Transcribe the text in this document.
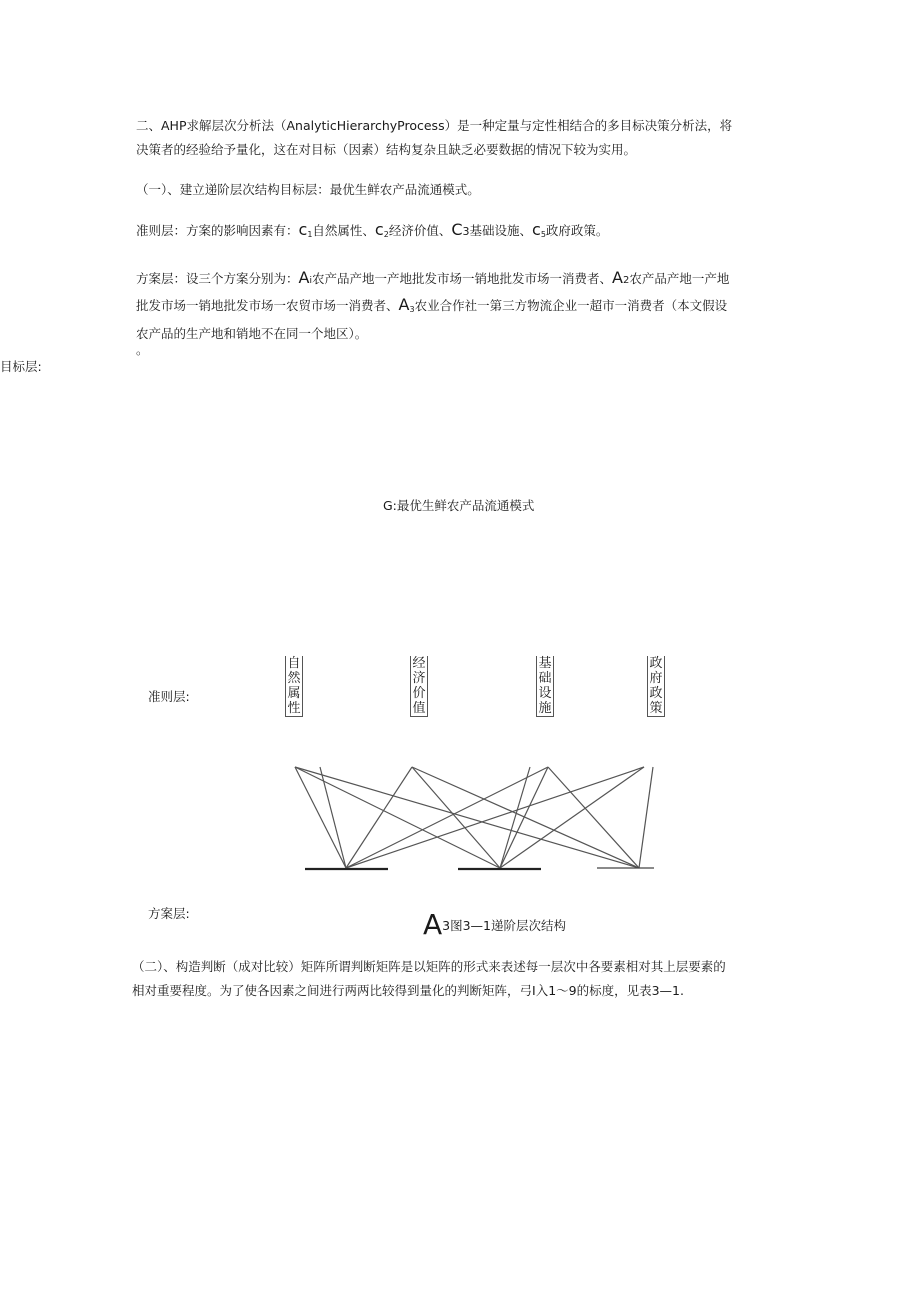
二、AHP求解层次分析法（AnalyticHierarchyProcess）是一种定量与定性相结合的多目标决策分析法，将
决策者的经验给予量化，这在对目标（因素）结构复杂且缺乏必要数据的情况下较为实用。
（一）、建立递阶层次结构目标层：最优生鲜农产品流通模式。
准则层：方案的影响因素有：$c_1$自然属性、$c_2$经济价值、C3基础设施、$c_5$政府政策。
方案层：设三个方案分别为：Ai农产品产地一产地批发市场一销地批发市场一消费者、A2农产品产地一产地
批发市场一销地批发市场一农贸市场一消费者、$A_3$农业合作社一第三方物流企业一超市一消费者（本文假设
农产品的生产地和销地不在同一个地区）。
。
目标层:
G:最优生鲜农产品流通模式
准则层:
自然属性
经济价值
基础设施
政府政策
方案层:	A3图3—1递阶层次结构
（二）、构造判断（成对比较）矩阵所谓判断矩阵是以矩阵的形式来表述每一层次中各要素相对其上层要素的
相对重要程度。为了使各因素之间进行两两比较得到量化的判断矩阵，弓I入1～9的标度，见表3—1.
